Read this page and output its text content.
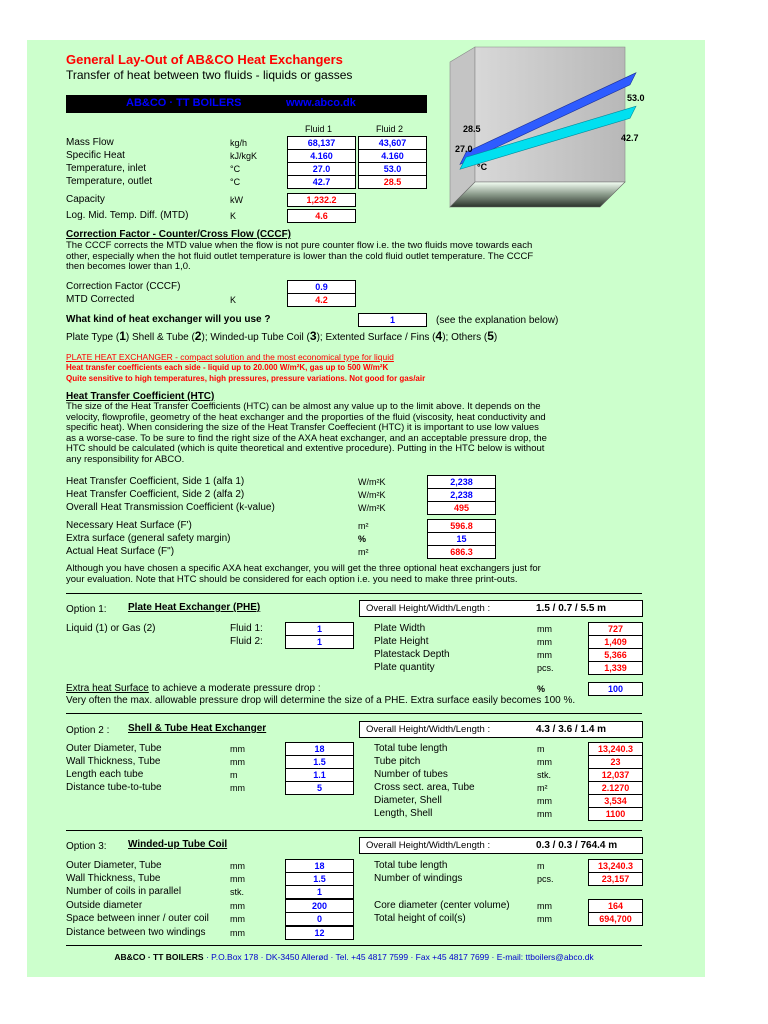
General Lay-Out of AB&CO Heat Exchangers
Transfer of heat between two fluids - liquids or gasses
AB&CO · TT BOILERS	www.abco.dk	53.0
42.7
28.5
27.0
°C
Fluid 1	Fluid 2
Mass Flow	kg/h	68,137	43,607
Specific Heat	kJ/kgK	4.160	4.160
Temperature, inlet	°C	27.0	53.0
Temperature, outlet	°C	42.7	28.5
Capacity	kW	1,232.2
Log. Mid. Temp. Diff. (MTD)	K	4.6
Correction Factor - Counter/Cross Flow (CCCF)
The CCCF corrects the MTD value when the flow is not pure counter flow i.e. the two fluids move towards each
other, especially when the hot fluid outlet temperature is lower than the cold fluid outlet temperature. The CCCF
then becomes lower than 1,0.
Correction Factor (CCCF)	0.9
MTD Corrected	K	4.2
What kind of heat exchanger will you use ?	1	(see the explanation below)
Plate Type (1) Shell & Tube (2); Winded-up Tube Coil (3); Extented Surface / Fins (4); Others (5)
PLATE HEAT EXCHANGER - compact solution and the most economical type for liquid
Heat transfer coefficients each side - liquid up to 20.000 W/m²K, gas up to 500 W/m²K
Quite sensitive to high temperatures, high pressures, pressure variations. Not good for gas/air
Heat Transfer Coefficient (HTC)
The size of the Heat Transfer Coefficients (HTC) can be almost any value up to the limit above. It depends on the
velocity, flowprofile, geometry of the heat exchanger and the proporties of the fluid (viscosity, heat conductivity and
specific heat). When considering the size of the Heat Transfer Coeffecient (HTC) it is important to use low values
as a worse-case. To be sure to find the right size of the AXA heat exchanger, and an acceptable pressure drop, the
HTC should be calculated (which is quite theoretical and extentive procedure). Putting in the HTC below is without
any responsibility for ABCO.
Heat Transfer Coefficient, Side 1 (alfa 1)	W/m²K	2,238
Heat Transfer Coefficient, Side 2 (alfa 2)	W/m²K	2,238
Overall Heat Transmission Coefficient (k-value)	W/m²K	495
Necessary Heat Surface (F')	m²	596.8
Extra surface (general safety margin)	%	15
Actual Heat Surface (F")	m²	686.3
Although you have chosen a specific AXA heat exchanger, you will get the three optional heat exchangers just for
your evaluation. Note that HTC should be considered for each option i.e. you need to make three print-outs.
Option 1: Plate Heat Exchanger (PHE)	Overall Height/Width/Length :	1.5 / 0.7 / 5.5 m
Liquid (1) or Gas (2)	Fluid 1:	1
Fluid 2:	1
Plate Width	mm	727
Plate Height	mm	1,409
Platestack Depth	mm	5,366
Plate quantity	pcs.	1,339
Extra heat Surface to achieve a moderate pressure drop :	%	100
Very often the max. allowable pressure drop will determine the size of a PHE. Extra surface easily becomes 100 %.
Option 2 : Shell & Tube Heat Exchanger	Overall Height/Width/Length :	4.3 / 3.6 / 1.4 m
Outer Diameter, Tube	mm	18
Wall Thickness, Tube	mm	1.5
Length each tube	m	1.1
Distance tube-to-tube	mm	5
Total tube length	m	13,240.3
Tube pitch	mm	23
Number of tubes	stk.	12,037
Cross sect. area, Tube	m²	2.1270
Diameter, Shell	mm	3,534
Length, Shell	mm	1100
Option 3: Winded-up Tube Coil	Overall Height/Width/Length :	0.3 / 0.3 / 764.4 m
Outer Diameter, Tube	mm	18
Wall Thickness, Tube	mm	1.5
Number of coils in parallel	stk.	1
Outside diameter	mm	200
Space between inner / outer coil mm	0
Distance between two windings	mm	12
Total tube length	m	13,240.3
Number of windings	pcs.	23,157
Core diameter (center volume)	mm	164
Total height of coil(s)	mm	694,700
AB&CO · TT BOILERS · P.O.Box 178 · DK-3450 Allerød · Tel. +45 4817 7599 · Fax +45 4817 7699 · E-mail: ttboilers@abco.dk
